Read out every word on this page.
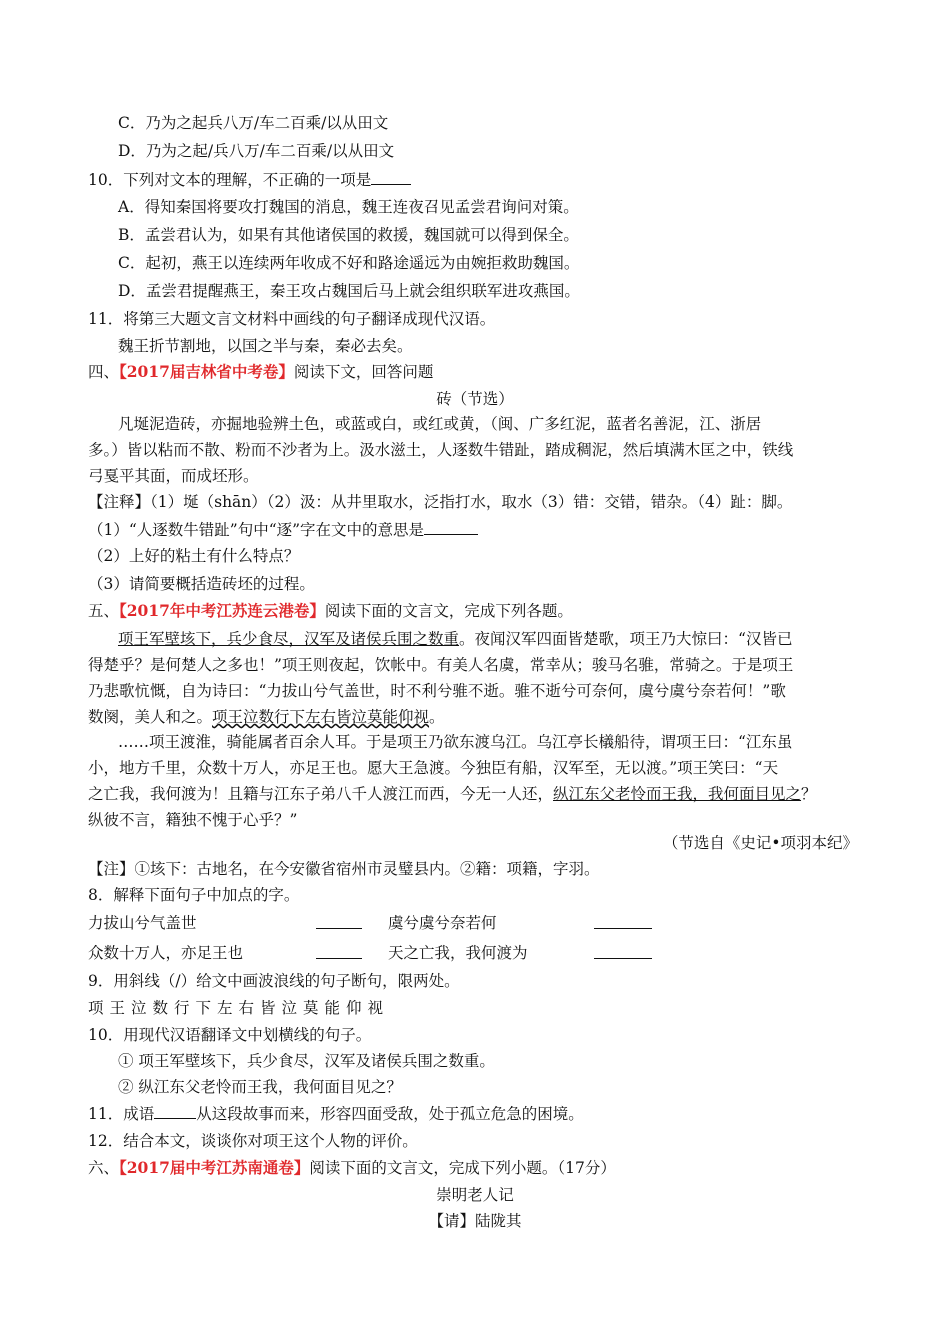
C．乃为之起兵八万/车二百乘/以从田文
D．乃为之起/兵八万/车二百乘/以从田文
10．下列对文本的理解，不正确的一项是
A．得知秦国将要攻打魏国的消息，魏王连夜召见孟尝君询问对策。
B．孟尝君认为，如果有其他诸侯国的救援，魏国就可以得到保全。
C．起初，燕王以连续两年收成不好和路途遥远为由婉拒救助魏国。
D．孟尝君提醒燕王，秦王攻占魏国后马上就会组织联军进攻燕国。
11．将第三大题文言文材料中画线的句子翻译成现代汉语。
魏王折节割地，以国之半与秦，秦必去矣。
四、【2017届吉林省中考卷】阅读下文，回答问题
砖（节选）
凡埏泥造砖，亦掘地验辨土色，或蓝或白，或红或黄，（闽、广多红泥，蓝者名善泥，江、浙居
多。）皆以粘而不散、粉而不沙者为上。汲水滋土，人逐数牛错趾，踏成稠泥，然后填满木匡之中，铁线
弓戛平其面，而成坯形。
【注释】（1）埏（shān）（2）汲：从井里取水，泛指打水，取水（3）错：交错，错杂。（4）趾：脚。
（1）“人逐数牛错趾”句中“逐”字在文中的意思是
（2）上好的粘土有什么特点？
（3）请简要概括造砖坯的过程。
五、【2017年中考江苏连云港卷】阅读下面的文言文，完成下列各题。
项王军壁垓下，兵少食尽，汉军及诸侯兵围之数重。夜闻汉军四面皆楚歌，项王乃大惊曰：“汉皆已
得楚乎？是何楚人之多也！”项王则夜起，饮帐中。有美人名虞，常幸从；骏马名骓，常骑之。于是项王
乃悲歌忼慨，自为诗曰：“力拔山兮气盖世，时不利兮骓不逝。骓不逝兮可奈何，虞兮虞兮奈若何！”歌
数阕，美人和之。项王泣数行下左右皆泣莫能仰视。
……项王渡淮，骑能属者百余人耳。于是项王乃欲东渡乌江。乌江亭长檥船待，谓项王曰：“江东虽
小，地方千里，众数十万人，亦足王也。愿大王急渡。今独臣有船，汉军至，无以渡。”项王笑曰：“天
之亡我，我何渡为！且籍与江东子弟八千人渡江而西，今无一人还，纵江东父老怜而王我，我何面目见之？
纵彼不言，籍独不愧于心乎？”
（节选自《史记•项羽本纪》
【注】①垓下：古地名，在今安徽省宿州市灵璧县内。②籍：项籍，字羽。
8．解释下面句子中加点的字。
力拔山兮气盖世	虞兮虞兮奈若何
众数十万人，亦足王也	天之亡我，我何渡为
9．用斜线（/）给文中画波浪线的句子断句，限两处。
项王泣数行下左右皆泣莫能仰视
10．用现代汉语翻译文中划横线的句子。
① 项王军壁垓下，兵少食尽，汉军及诸侯兵围之数重。
② 纵江东父老怜而王我，我何面目见之？
11．成语	从这段故事而来，形容四面受敌，处于孤立危急的困境。
12．结合本文，谈谈你对项王这个人物的评价。
六、【2017届中考江苏南通卷】阅读下面的文言文，完成下列小题。（17分）
崇明老人记
【请】陆陇其
